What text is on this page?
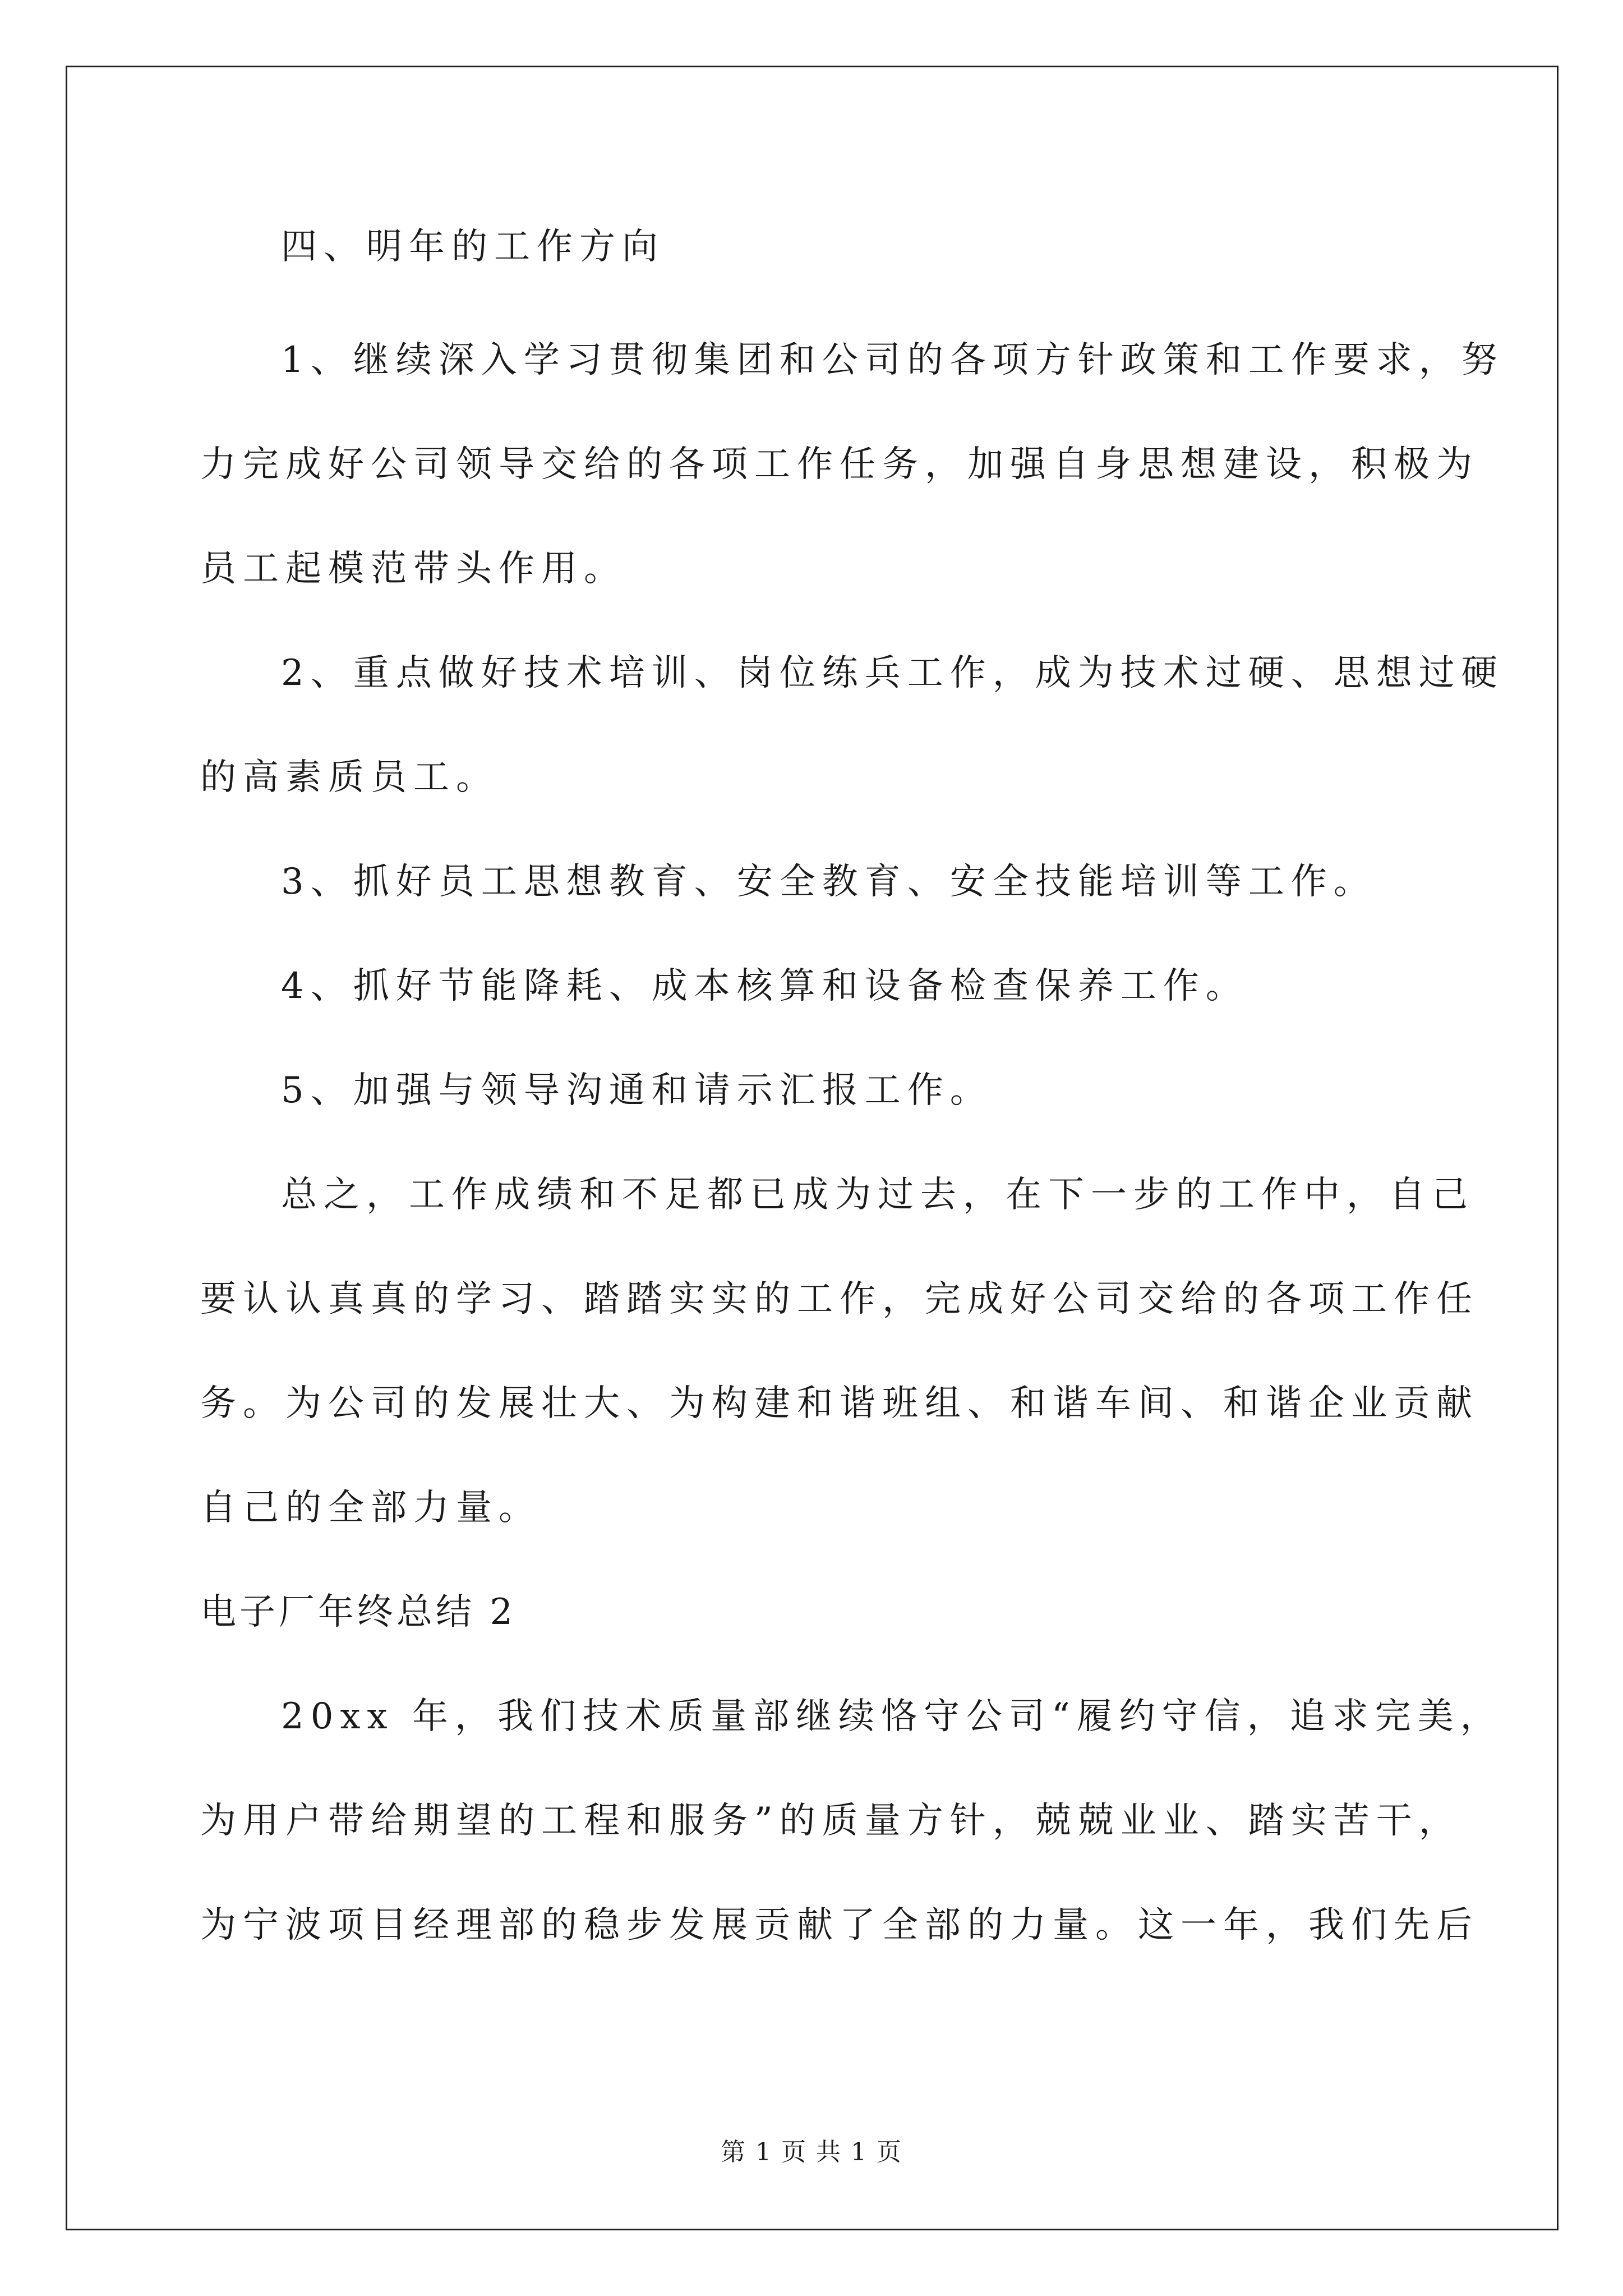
四、明年的工作方向
1、继续深入学习贯彻集团和公司的各项方针政策和工作要求，努
力完成好公司领导交给的各项工作任务，加强自身思想建设，积极为
员工起模范带头作用。
2、重点做好技术培训、岗位练兵工作，成为技术过硬、思想过硬
的高素质员工。
3、抓好员工思想教育、安全教育、安全技能培训等工作。
4、抓好节能降耗、成本核算和设备检查保养工作。
5、加强与领导沟通和请示汇报工作。
总之，工作成绩和不足都已成为过去，在下一步的工作中，自己
要认认真真的学习、踏踏实实的工作，完成好公司交给的各项工作任
务。为公司的发展壮大、为构建和谐班组、和谐车间、和谐企业贡献
自己的全部力量。
电子厂年终总结 2
20xx 年，我们技术质量部继续恪守公司“履约守信，追求完美，
为用户带给期望的工程和服务”的质量方针，兢兢业业、踏实苦干，
为宁波项目经理部的稳步发展贡献了全部的力量。这一年，我们先后
第 1 页 共 1 页
